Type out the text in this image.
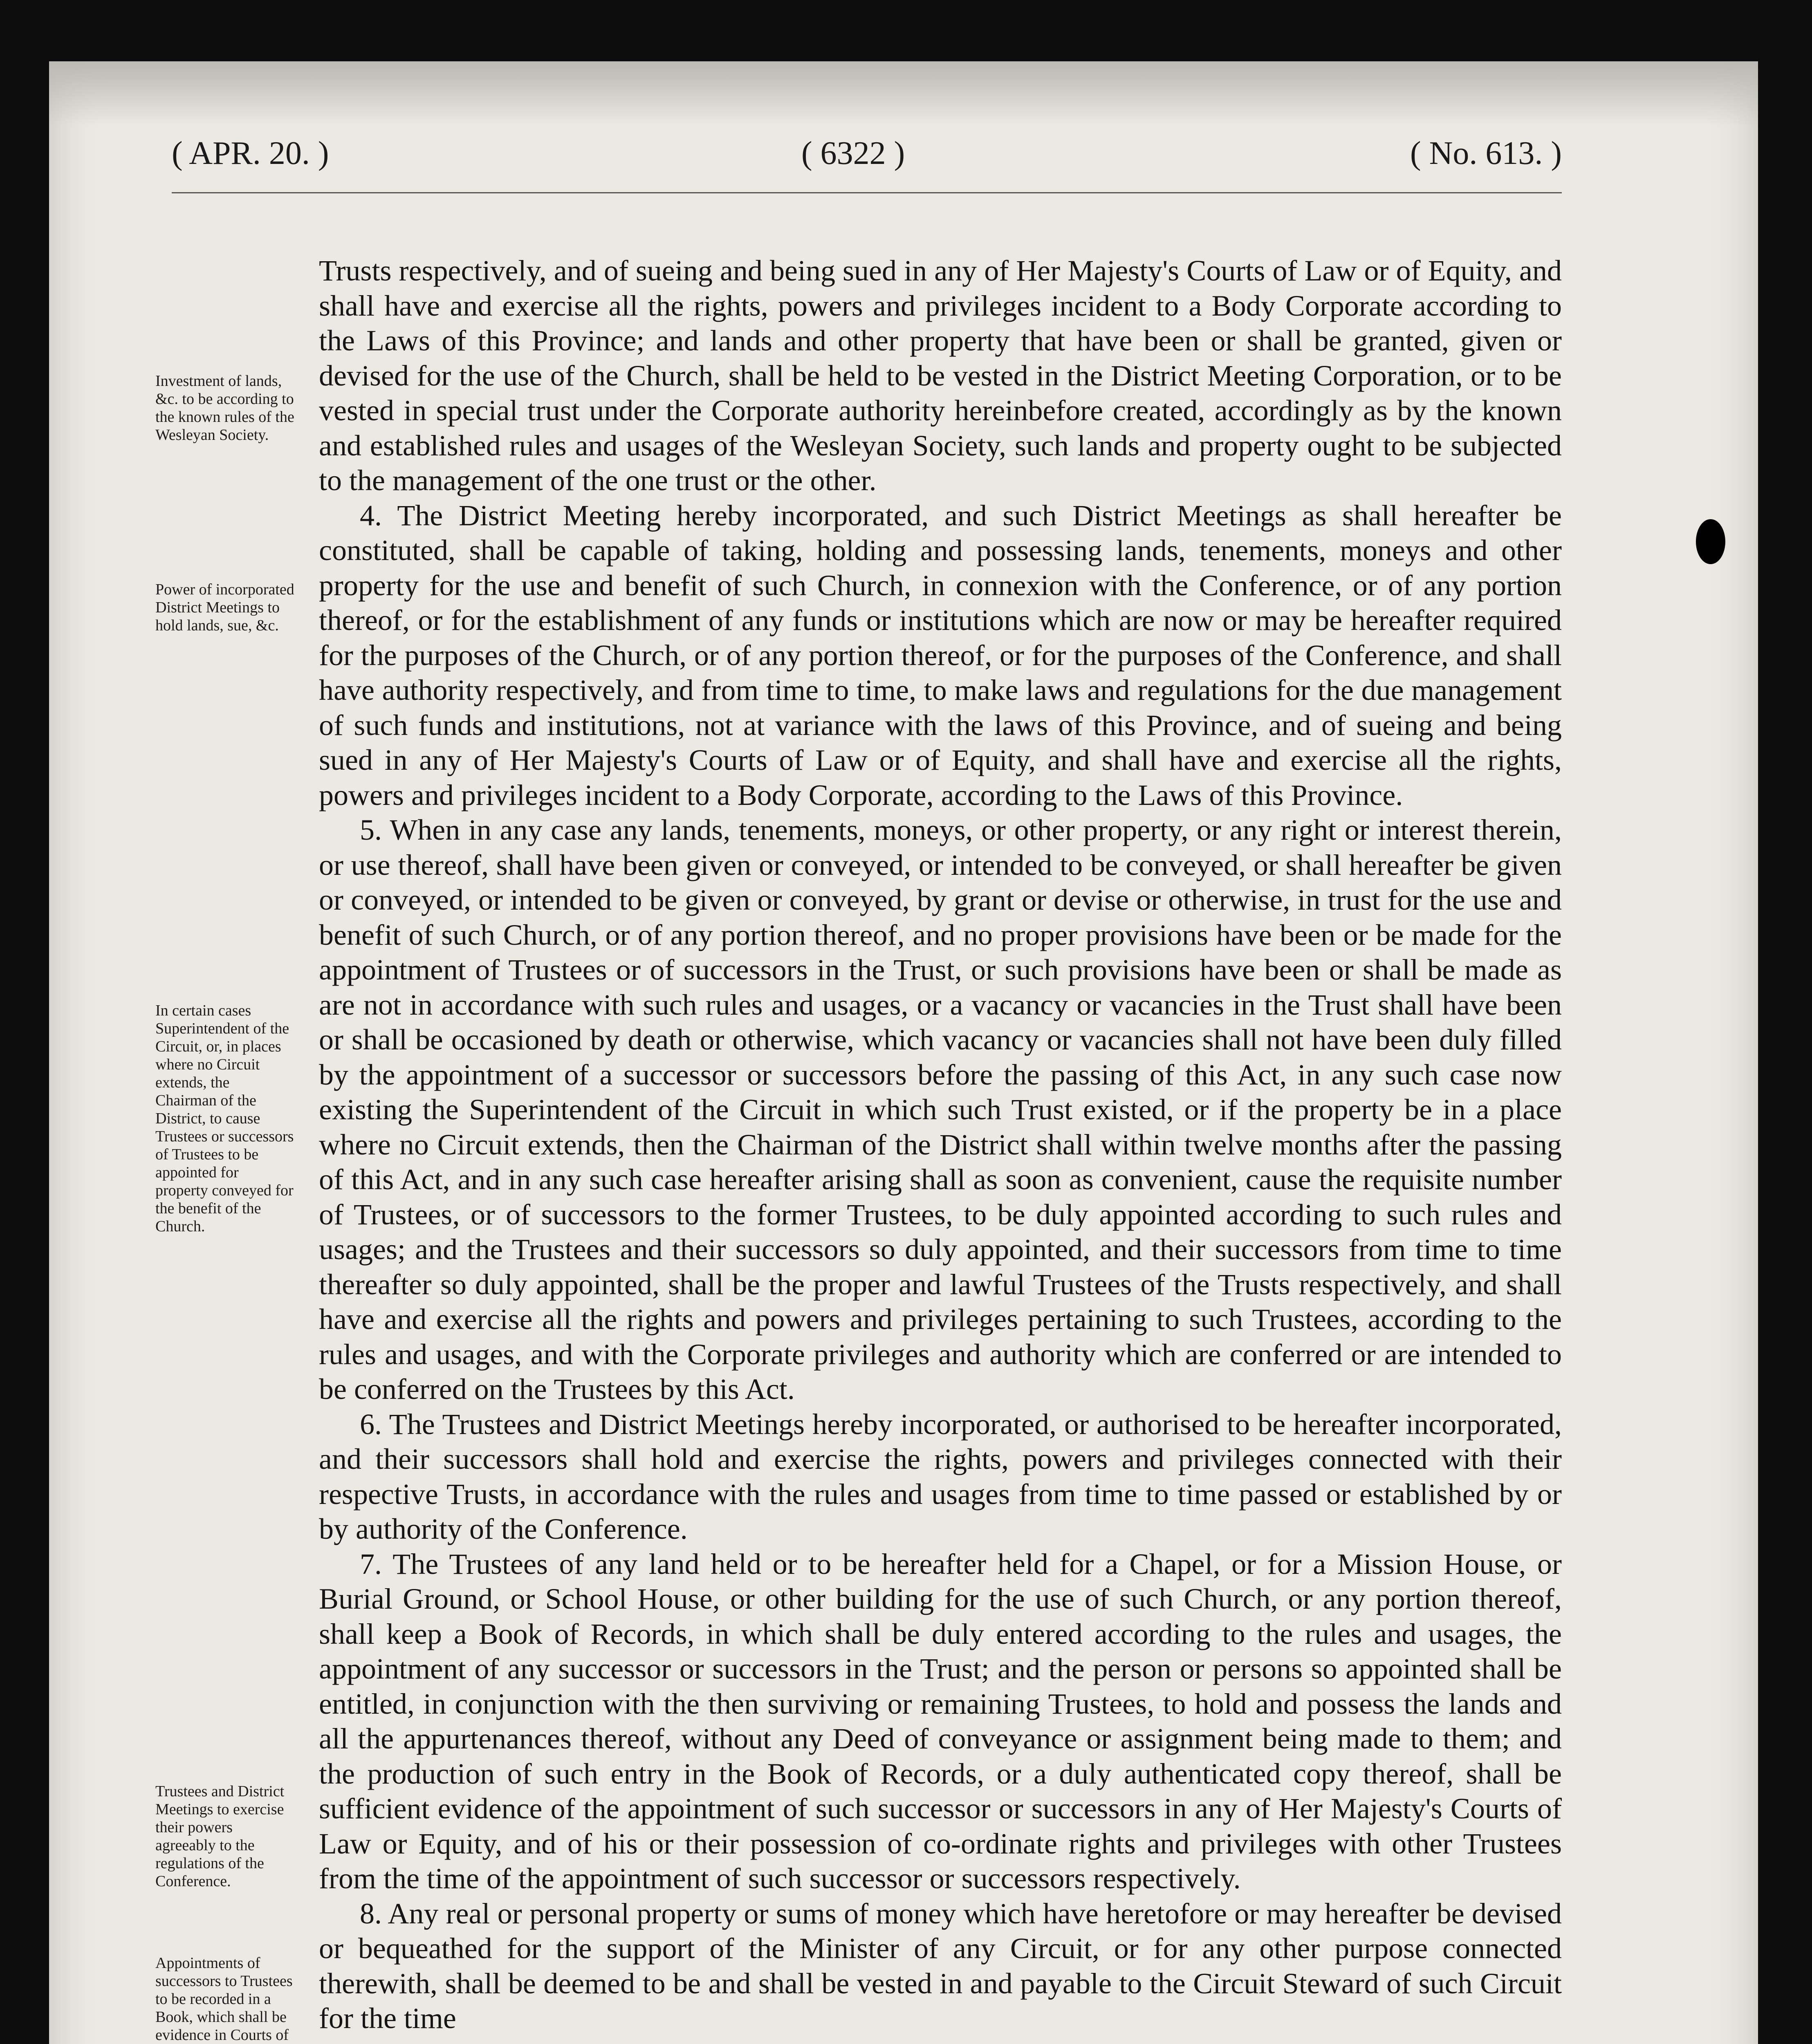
( APR. 20. )	( 6322 )	( No. 613. )
Investment of lands, &c. to be according to the known rules of the Wesleyan Society.
Power of incorporated District Meetings to hold lands, sue, &c.
In certain cases Superintendent of the Circuit, or, in places where no Circuit extends, the Chairman of the District, to cause Trustees or successors of Trustees to be appointed for property conveyed for the benefit of the Church.
Trustees and District Meetings to exercise their powers agreeably to the regulations of the Conference.
Appointments of successors to Trustees to be recorded in a Book, which shall be evidence in Courts of

Trusts respectively, and of sueing and being sued in any of Her Majesty's Courts of Law or of Equity, and shall have and exercise all the rights, powers and privileges incident to a Body Corporate according to the Laws of this Province; and lands and other property that have been or shall be granted, given or devised for the use of the Church, shall be held to be vested in the District Meeting Corporation, or to be vested in special trust under the Corporate authority hereinbefore created, accordingly as by the known and established rules and usages of the Wesleyan Society, such lands and property ought to be subjected to the management of the one trust or the other.

4. The District Meeting hereby incorporated, and such District Meetings as shall hereafter be constituted, shall be capable of taking, holding and possessing lands, tenements, moneys and other property for the use and benefit of such Church, in connexion with the Conference, or of any portion thereof, or for the establishment of any funds or institutions which are now or may be hereafter required for the purposes of the Church, or of any portion thereof, or for the purposes of the Conference, and shall have authority respectively, and from time to time, to make laws and regulations for the due management of such funds and institutions, not at variance with the laws of this Province, and of sueing and being sued in any of Her Majesty's Courts of Law or of Equity, and shall have and exercise all the rights, powers and privileges incident to a Body Corporate, according to the Laws of this Province.

5. When in any case any lands, tenements, moneys, or other property, or any right or interest therein, or use thereof, shall have been given or conveyed, or intended to be conveyed, or shall hereafter be given or conveyed, or intended to be given or conveyed, by grant or devise or otherwise, in trust for the use and benefit of such Church, or of any portion thereof, and no proper provisions have been or be made for the appointment of Trustees or of successors in the Trust, or such provisions have been or shall be made as are not in accordance with such rules and usages, or a vacancy or vacancies in the Trust shall have been or shall be occasioned by death or otherwise, which vacancy or vacancies shall not have been duly filled by the appointment of a successor or successors before the passing of this Act, in any such case now existing the Superintendent of the Circuit in which such Trust existed, or if the property be in a place where no Circuit extends, then the Chairman of the District shall within twelve months after the passing of this Act, and in any such case hereafter arising shall as soon as convenient, cause the requisite number of Trustees, or of successors to the former Trustees, to be duly appointed according to such rules and usages; and the Trustees and their successors so duly appointed, and their successors from time to time thereafter so duly appointed, shall be the proper and lawful Trustees of the Trusts respectively, and shall have and exercise all the rights and powers and privileges pertaining to such Trustees, according to the rules and usages, and with the Corporate privileges and authority which are conferred or are intended to be conferred on the Trustees by this Act.

6. The Trustees and District Meetings hereby incorporated, or authorised to be hereafter incorporated, and their successors shall hold and exercise the rights, powers and privileges connected with their respective Trusts, in accordance with the rules and usages from time to time passed or established by or by authority of the Conference.

7. The Trustees of any land held or to be hereafter held for a Chapel, or for a Mission House, or Burial Ground, or School House, or other building for the use of such Church, or any portion thereof, shall keep a Book of Records, in which shall be duly entered according to the rules and usages, the appointment of any successor or successors in the Trust; and the person or persons so appointed shall be entitled, in conjunction with the then surviving or remaining Trustees, to hold and possess the lands and all the appurtenances thereof, without any Deed of conveyance or assignment being made to them; and the production of such entry in the Book of Records, or a duly authenticated copy thereof, shall be sufficient evidence of the appointment of such successor or successors in any of Her Majesty's Courts of Law or Equity, and of his or their possession of co-ordinate rights and privileges with other Trustees from the time of the appointment of such successor or successors respectively.

8. Any real or personal property or sums of money which have heretofore or may hereafter be devised or bequeathed for the support of the Minister of any Circuit, or for any other purpose connected therewith, shall be deemed to be and shall be vested in and payable to the Circuit Steward of such Circuit for the time
